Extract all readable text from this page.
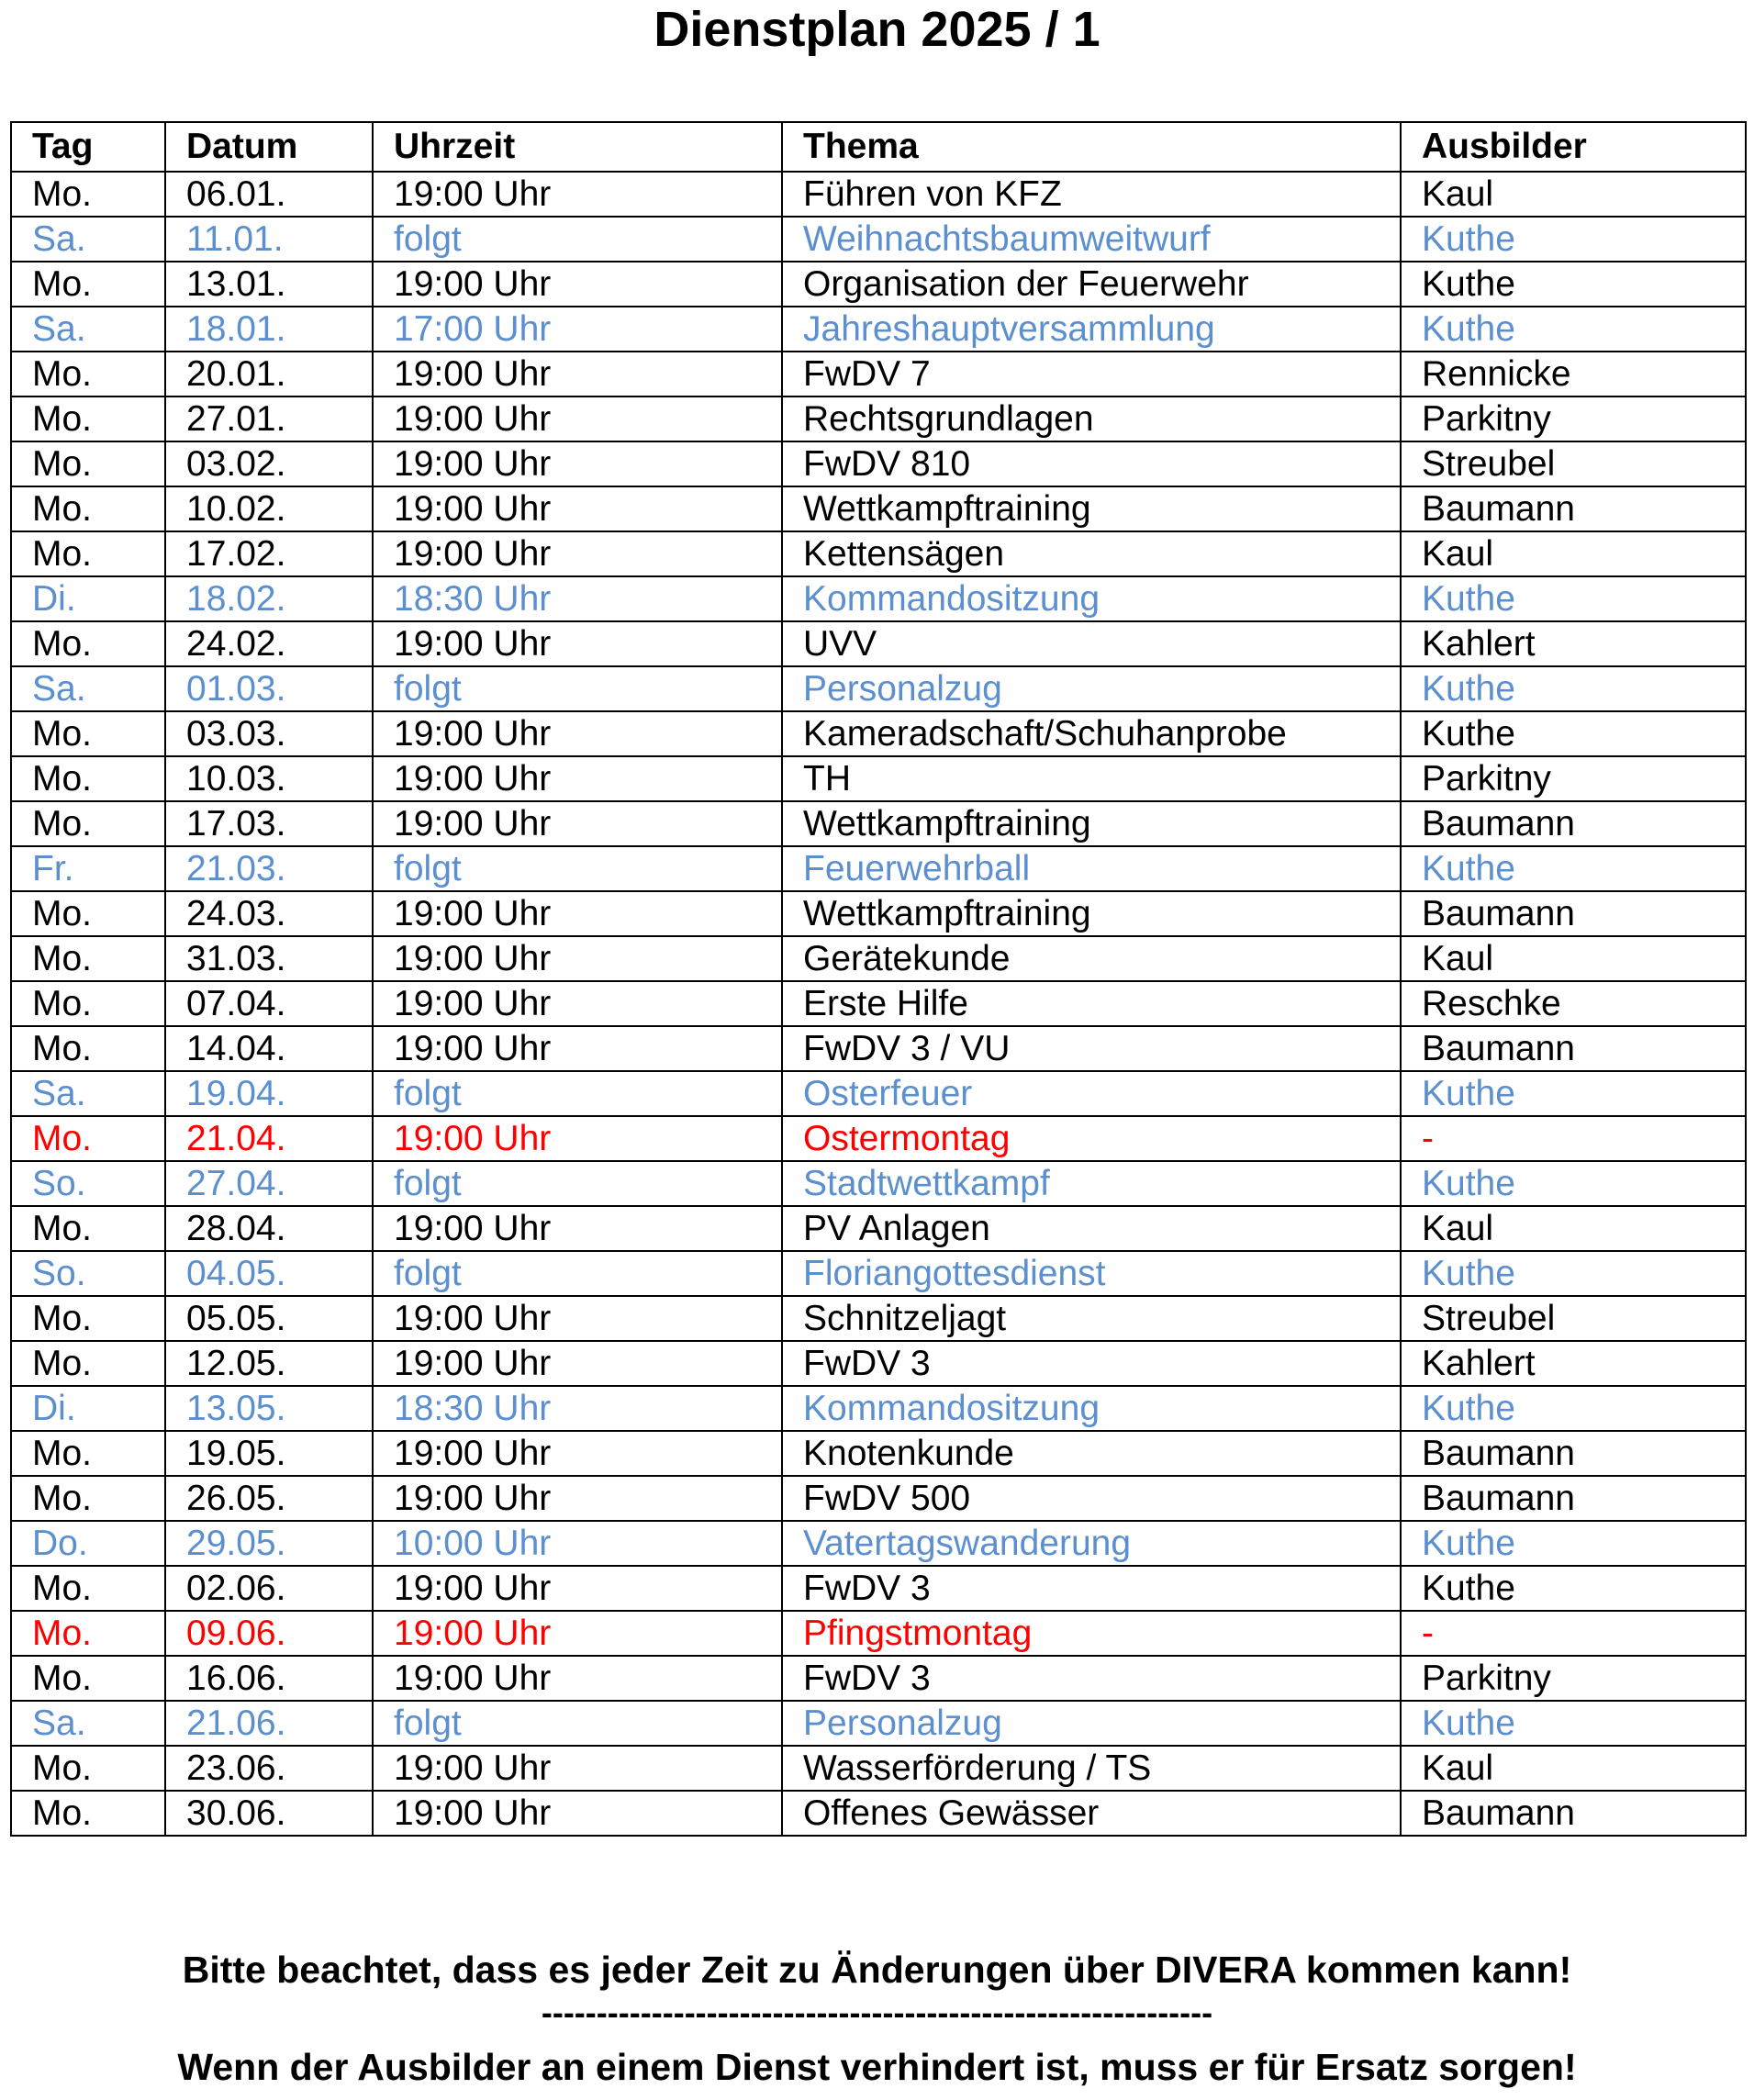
Dienstplan 2025 / 1
Tag	Datum	Uhrzeit	Thema	Ausbilder
Mo.	06.01.	19:00 Uhr	Führen von KFZ	Kaul
Sa.	11.01.	folgt	Weihnachtsbaumweitwurf	Kuthe
Mo.	13.01.	19:00 Uhr	Organisation der Feuerwehr	Kuthe
Sa.	18.01.	17:00 Uhr	Jahreshauptversammlung	Kuthe
Mo.	20.01.	19:00 Uhr	FwDV 7	Rennicke
Mo.	27.01.	19:00 Uhr	Rechtsgrundlagen	Parkitny
Mo.	03.02.	19:00 Uhr	FwDV 810	Streubel
Mo.	10.02.	19:00 Uhr	Wettkampftraining	Baumann
Mo.	17.02.	19:00 Uhr	Kettensägen	Kaul
Di.	18.02.	18:30 Uhr	Kommandositzung	Kuthe
Mo.	24.02.	19:00 Uhr	UVV	Kahlert
Sa.	01.03.	folgt	Personalzug	Kuthe
Mo.	03.03.	19:00 Uhr	Kameradschaft/Schuhanprobe	Kuthe
Mo.	10.03.	19:00 Uhr	TH	Parkitny
Mo.	17.03.	19:00 Uhr	Wettkampftraining	Baumann
Fr.	21.03.	folgt	Feuerwehrball	Kuthe
Mo.	24.03.	19:00 Uhr	Wettkampftraining	Baumann
Mo.	31.03.	19:00 Uhr	Gerätekunde	Kaul
Mo.	07.04.	19:00 Uhr	Erste Hilfe	Reschke
Mo.	14.04.	19:00 Uhr	FwDV 3 / VU	Baumann
Sa.	19.04.	folgt	Osterfeuer	Kuthe
Mo.	21.04.	19:00 Uhr	Ostermontag	-
So.	27.04.	folgt	Stadtwettkampf	Kuthe
Mo.	28.04.	19:00 Uhr	PV Anlagen	Kaul
So.	04.05.	folgt	Floriangottesdienst	Kuthe
Mo.	05.05.	19:00 Uhr	Schnitzeljagt	Streubel
Mo.	12.05.	19:00 Uhr	FwDV 3	Kahlert
Di.	13.05.	18:30 Uhr	Kommandositzung	Kuthe
Mo.	19.05.	19:00 Uhr	Knotenkunde	Baumann
Mo.	26.05.	19:00 Uhr	FwDV 500	Baumann
Do.	29.05.	10:00 Uhr	Vatertagswanderung	Kuthe
Mo.	02.06.	19:00 Uhr	FwDV 3	Kuthe
Mo.	09.06.	19:00 Uhr	Pfingstmontag	-
Mo.	16.06.	19:00 Uhr	FwDV 3	Parkitny
Sa.	21.06.	folgt	Personalzug	Kuthe
Mo.	23.06.	19:00 Uhr	Wasserförderung / TS	Kaul
Mo.	30.06.	19:00 Uhr	Offenes Gewässer	Baumann
Bitte beachtet, dass es jeder Zeit zu Änderungen über DIVERA kommen kann!
-------------------------------------------------------------
Wenn der Ausbilder an einem Dienst verhindert ist, muss er für Ersatz sorgen!
